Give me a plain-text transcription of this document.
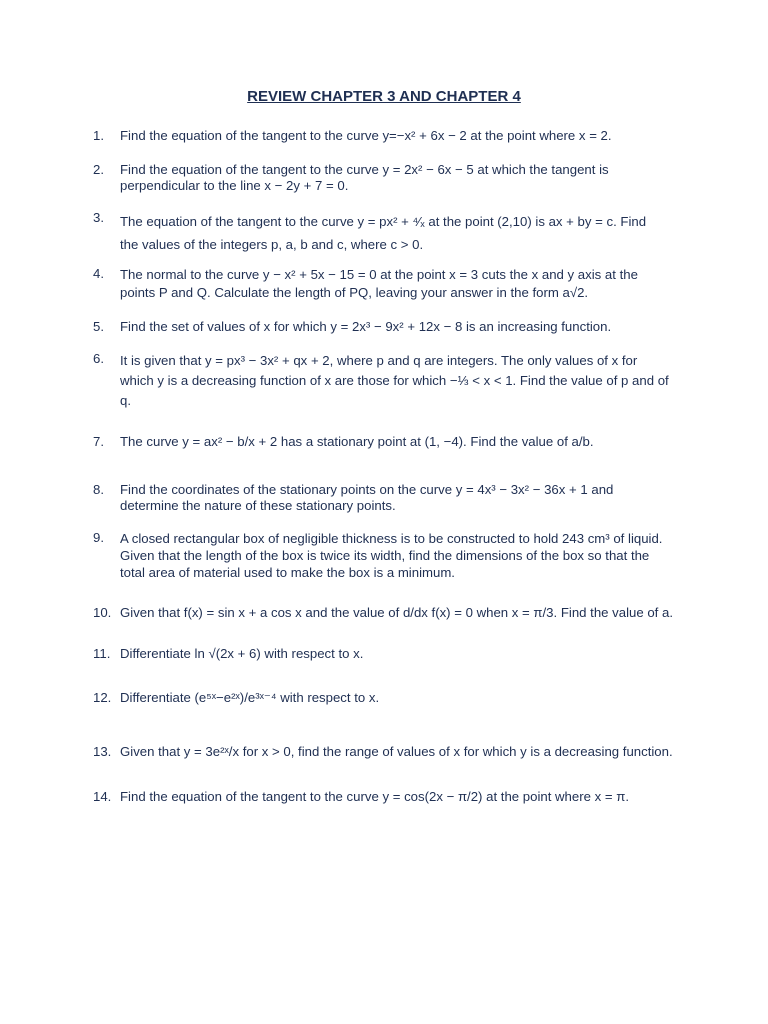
REVIEW CHAPTER 3 AND CHAPTER 4
1. Find the equation of the tangent to the curve y=−x² + 6x − 2 at the point where x = 2.
2. Find the equation of the tangent to the curve y = 2x² − 6x − 5 at which the tangent is
perpendicular to the line x − 2y + 7 = 0.
3. The equation of the tangent to the curve y = px² + ⁴⁄ₓ at the point (2,10) is ax + by = c. Find
the values of the integers p, a, b and c, where c > 0.
4. The normal to the curve y − x² + 5x − 15 = 0 at the point x = 3 cuts the x and y axis at the
points P and Q. Calculate the length of PQ, leaving your answer in the form a√2.
5. Find the set of values of x for which y = 2x³ − 9x² + 12x − 8 is an increasing function.
6. It is given that y = px³ − 3x² + qx + 2, where p and q are integers. The only values of x for
which y is a decreasing function of x are those for which −⅓ < x < 1. Find the value of p and of
q.
7. The curve y = ax² − b/x + 2 has a stationary point at (1, −4). Find the value of a/b.
8. Find the coordinates of the stationary points on the curve y = 4x³ − 3x² − 36x + 1 and
determine the nature of these stationary points.
9. A closed rectangular box of negligible thickness is to be constructed to hold 243 cm³ of liquid.
Given that the length of the box is twice its width, find the dimensions of the box so that the
total area of material used to make the box is a minimum.
10. Given that f(x) = sin x + a cos x and the value of d/dx f(x) = 0 when x = π/3. Find the value of a.
11. Differentiate ln √(2x + 6) with respect to x.
12. Differentiate (e⁵ˣ−e²ˣ)/e³ˣ⁻⁴ with respect to x.
13. Given that y = 3e²ˣ/x for x > 0, find the range of values of x for which y is a decreasing function.
14. Find the equation of the tangent to the curve y = cos(2x − π/2) at the point where x = π.
